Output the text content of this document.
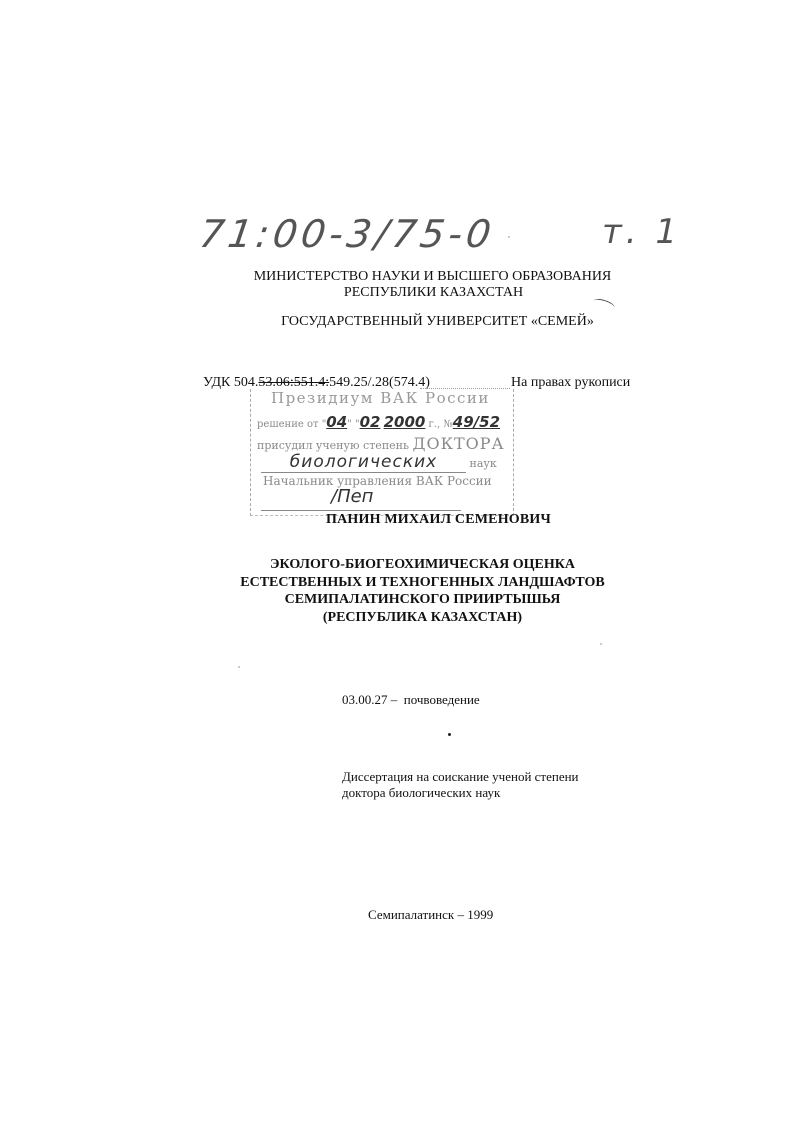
71:00-3/75-0	т. 1
МИНИСТЕРСТВО НАУКИ И ВЫСШЕГО ОБРАЗОВАНИЯ
РЕСПУБЛИКИ КАЗАХСТАН
ГОСУДАРСТВЕННЫЙ УНИВЕРСИТЕТ «СЕМЕЙ»
УДК 504.53.06:551.4:549.25/.28(574.4)	На правах рукописи
Президиум ВАК России
решение от "04" "02 2000 г., №49/52
присудил ученую степень ДОКТОРА
биологических	наук
Начальник управления ВАК России
/Пеп
ПАНИН МИХАИЛ СЕМЕНОВИЧ
ЭКОЛОГО-БИОГЕОХИМИЧЕСКАЯ ОЦЕНКА
ЕСТЕСТВЕННЫХ И ТЕХНОГЕННЫХ ЛАНДШАФТОВ
СЕМИПАЛАТИНСКОГО ПРИИРТЫШЬЯ
(РЕСПУБЛИКА КАЗАХСТАН)
03.00.27 –  почвоведение
Диссертация на соискание ученой степени
доктора биологических наук
Семипалатинск – 1999
